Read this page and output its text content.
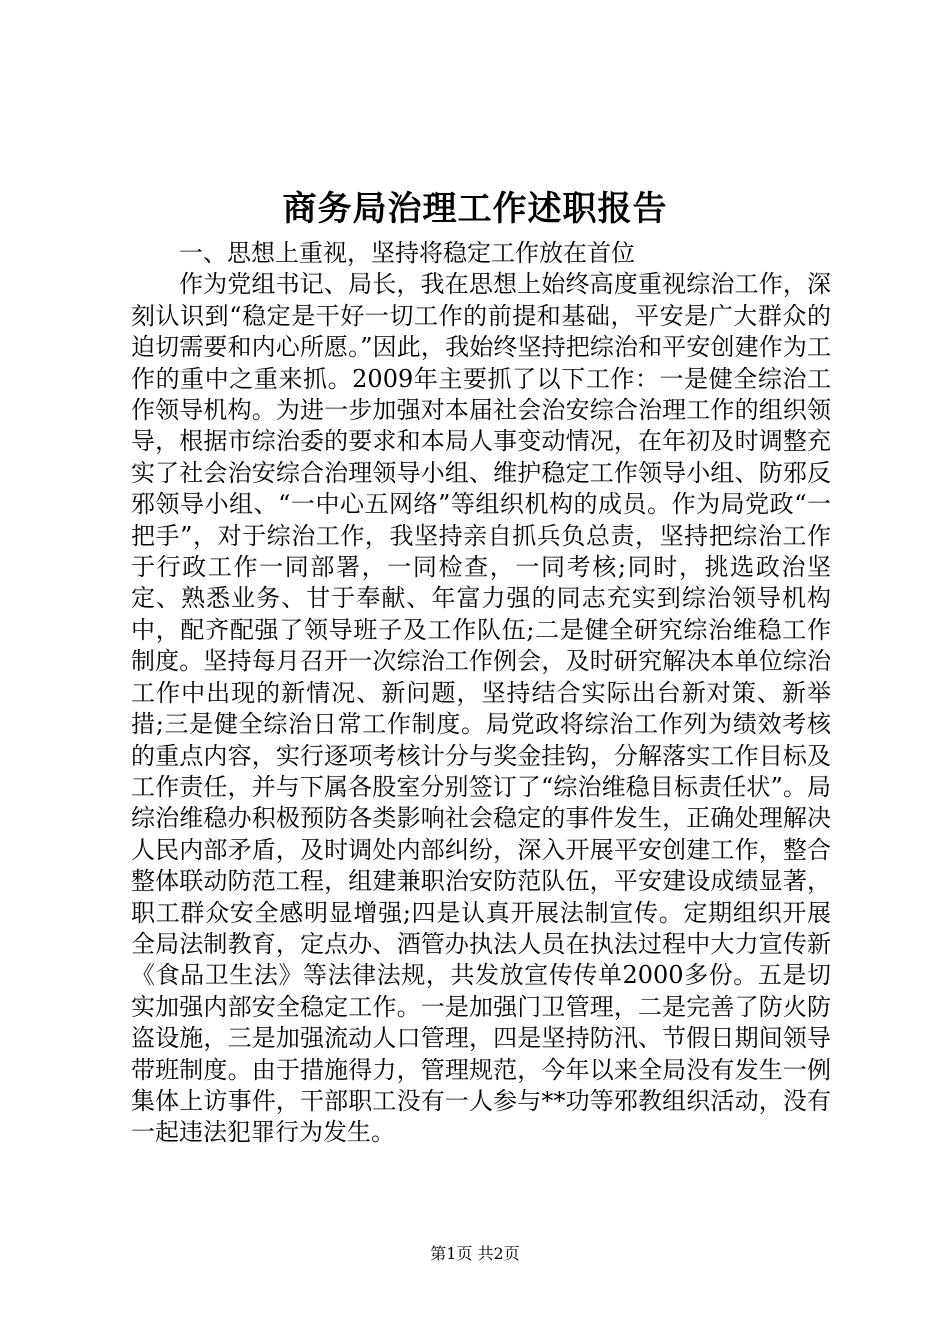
商务局治理工作述职报告

一、思想上重视，坚持将稳定工作放在首位

作为党组书记、局长，我在思想上始终高度重视综治工作，深刻认识到“稳定是干好一切工作的前提和基础，平安是广大群众的迫切需要和内心所愿。”因此，我始终坚持把综治和平安创建作为工作的重中之重来抓。2009年主要抓了以下工作：一是健全综治工作领导机构。为进一步加强对本届社会治安综合治理工作的组织领导，根据市综治委的要求和本局人事变动情况，在年初及时调整充实了社会治安综合治理领导小组、维护稳定工作领导小组、防邪反邪领导小组、“一中心五网络”等组织机构的成员。作为局党政“一把手”，对于综治工作，我坚持亲自抓兵负总责，坚持把综治工作于行政工作一同部署，一同检查，一同考核;同时，挑选政治坚定、熟悉业务、甘于奉献、年富力强的同志充实到综治领导机构中，配齐配强了领导班子及工作队伍;二是健全研究综治维稳工作制度。坚持每月召开一次综治工作例会，及时研究解决本单位综治工作中出现的新情况、新问题，坚持结合实际出台新对策、新举措;三是健全综治日常工作制度。局党政将综治工作列为绩效考核的重点内容，实行逐项考核计分与奖金挂钩，分解落实工作目标及工作责任，并与下属各股室分别签订了“综治维稳目标责任状”。局综治维稳办积极预防各类影响社会稳定的事件发生，正确处理解决人民内部矛盾，及时调处内部纠纷，深入开展平安创建工作，整合整体联动防范工程，组建兼职治安防范队伍，平安建设成绩显著，职工群众安全感明显增强;四是认真开展法制宣传。定期组织开展全局法制教育，定点办、酒管办执法人员在执法过程中大力宣传新《食品卫生法》等法律法规，共发放宣传传单2000多份。五是切实加强内部安全稳定工作。一是加强门卫管理，二是完善了防火防盗设施，三是加强流动人口管理，四是坚持防汛、节假日期间领导带班制度。由于措施得力，管理规范，今年以来全局没有发生一例集体上访事件，干部职工没有一人参与**功等邪教组织活动，没有一起违法犯罪行为发生。

第1页 共2页
